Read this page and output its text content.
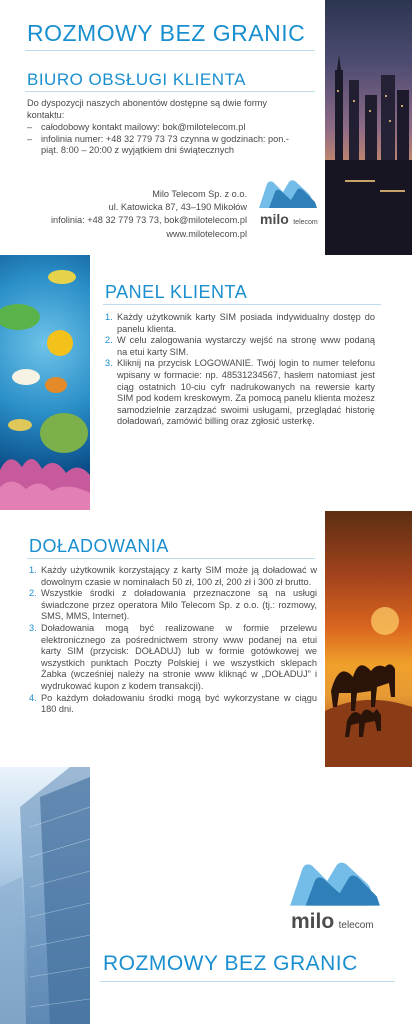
ROZMOWY BEZ GRANIC
BIURO OBSŁUGI KLIENTA
Do dyspozycji naszych abonentów dostępne są dwie formy kontaktu:
– całodobowy kontakt mailowy: bok@milotelecom.pl
– infolinia numer: +48 32 779 73 73 czynna w godzinach: pon.- piąt. 8:00 – 20:00 z wyjątkiem dni świątecznych
Milo Telecom Sp. z o.o.
ul. Katowicka 87, 43–190 Mikołów
infolinia: +48 32 779 73 73, bok@milotelecom.pl
www.milotelecom.pl
milo telecom
PANEL KLIENTA
1. Każdy użytkownik karty SIM posiada indywidualny dostęp do panelu klienta.
2. W celu zalogowania wystarczy wejść na stronę www podaną na etui karty SIM.
3. Kliknij na przycisk LOGOWANIE. Twój login to numer telefonu wpisany w formacie: np. 48531234567, hasłem natomiast jest ciąg ostatnich 10-ciu cyfr nadrukowanych na rewersie karty SIM pod kodem kreskowym. Za pomocą panelu klienta możesz samodzielnie zarządzać swoimi usługami, przeglądać historię doładowań, zamówić billing oraz zgłosić usterkę.
DOŁADOWANIA
1. Każdy użytkownik korzystający z karty SIM może ją doładować w dowolnym czasie w nominałach 50 zł, 100 zł, 200 zł i 300 zł brutto.
2. Wszystkie środki z doładowania przeznaczone są na usługi świadczone przez operatora Milo Telecom Sp. z o.o. (tj.: rozmowy, SMS, MMS, Internet).
3. Doładowania mogą być realizowane w formie przelewu elektronicznego za pośrednictwem strony www podanej na etui karty SIM (przycisk: DOŁADUJ) lub w formie gotówkowej we wszystkich punktach Poczty Polskiej i we wszystkich sklepach Żabka (wcześniej należy na stronie www kliknąć w „DOŁADUJ” i wydrukować kupon z kodem transakcji).
4. Po każdym doładowaniu środki mogą być wykorzystane w ciągu 180 dni.
milo telecom
ROZMOWY BEZ GRANIC
